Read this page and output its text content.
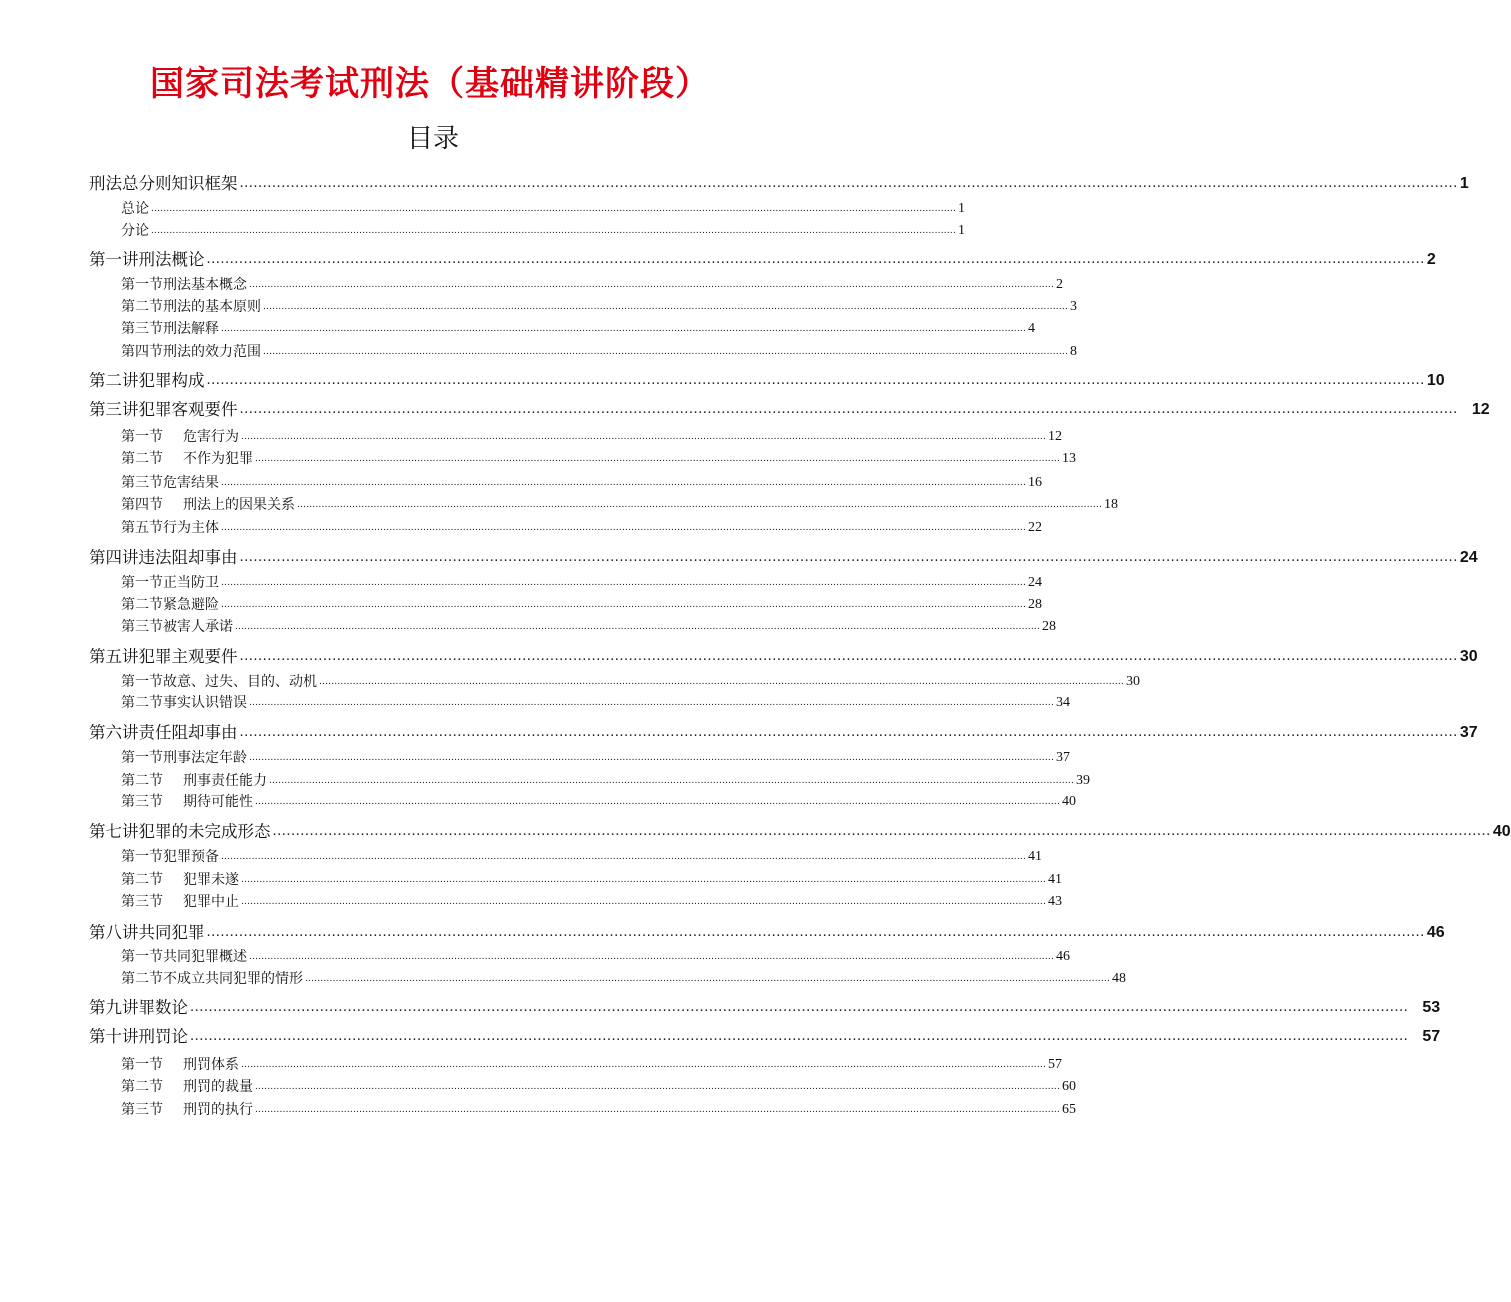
国家司法考试刑法（基础精讲阶段）
目录
刑法总分则知识框架 ....................................................................................................................................................................................................................................................................... 1
总论 ....................................................................................................................................................................................................................................................................... 1
分论 ....................................................................................................................................................................................................................................................................... 1
第一讲刑法概论 ....................................................................................................................................................................................................................................................................... 2
第一节刑法基本概念 ....................................................................................................................................................................................................................................................................... 2
第二节刑法的基本原则 ....................................................................................................................................................................................................................................................................... 3
第三节刑法解释 ....................................................................................................................................................................................................................................................................... 4
第四节刑法的效力范围 ....................................................................................................................................................................................................................................................................... 8
第二讲犯罪构成 ....................................................................................................................................................................................................................................................................... 10
第三讲犯罪客观要件 ....................................................................................................................................................................................................................................................................... 12
第一节 危害行为 ....................................................................................................................................................................................................................................................................... 12
第二节 不作为犯罪 ....................................................................................................................................................................................................................................................................... 13
第三节危害结果 ....................................................................................................................................................................................................................................................................... 16
第四节 刑法上的因果关系 ....................................................................................................................................................................................................................................................................... 18
第五节行为主体 ....................................................................................................................................................................................................................................................................... 22
第四讲违法阻却事由 ....................................................................................................................................................................................................................................................................... 24
第一节正当防卫 ....................................................................................................................................................................................................................................................................... 24
第二节紧急避险 ....................................................................................................................................................................................................................................................................... 28
第三节被害人承诺 ....................................................................................................................................................................................................................................................................... 28
第五讲犯罪主观要件 ....................................................................................................................................................................................................................................................................... 30
第一节故意、过失、目的、动机 ....................................................................................................................................................................................................................................................................... 30
第二节事实认识错误 ....................................................................................................................................................................................................................................................................... 34
第六讲责任阻却事由 ....................................................................................................................................................................................................................................................................... 37
第一节刑事法定年龄 ....................................................................................................................................................................................................................................................................... 37
第二节 刑事责任能力 ....................................................................................................................................................................................................................................................................... 39
第三节 期待可能性 ....................................................................................................................................................................................................................................................................... 40
第七讲犯罪的未完成形态 ....................................................................................................................................................................................................................................................................... 40
第一节犯罪预备 ....................................................................................................................................................................................................................................................................... 41
第二节 犯罪未遂 ....................................................................................................................................................................................................................................................................... 41
第三节 犯罪中止 ....................................................................................................................................................................................................................................................................... 43
第八讲共同犯罪 ....................................................................................................................................................................................................................................................................... 46
第一节共同犯罪概述 ....................................................................................................................................................................................................................................................................... 46
第二节不成立共同犯罪的情形 ....................................................................................................................................................................................................................................................................... 48
第九讲罪数论 ....................................................................................................................................................................................................................................................................... 53
第十讲刑罚论 ....................................................................................................................................................................................................................................................................... 57
第一节 刑罚体系 ....................................................................................................................................................................................................................................................................... 57
第二节 刑罚的裁量 ....................................................................................................................................................................................................................................................................... 60
第三节 刑罚的执行 ....................................................................................................................................................................................................................................................................... 65
